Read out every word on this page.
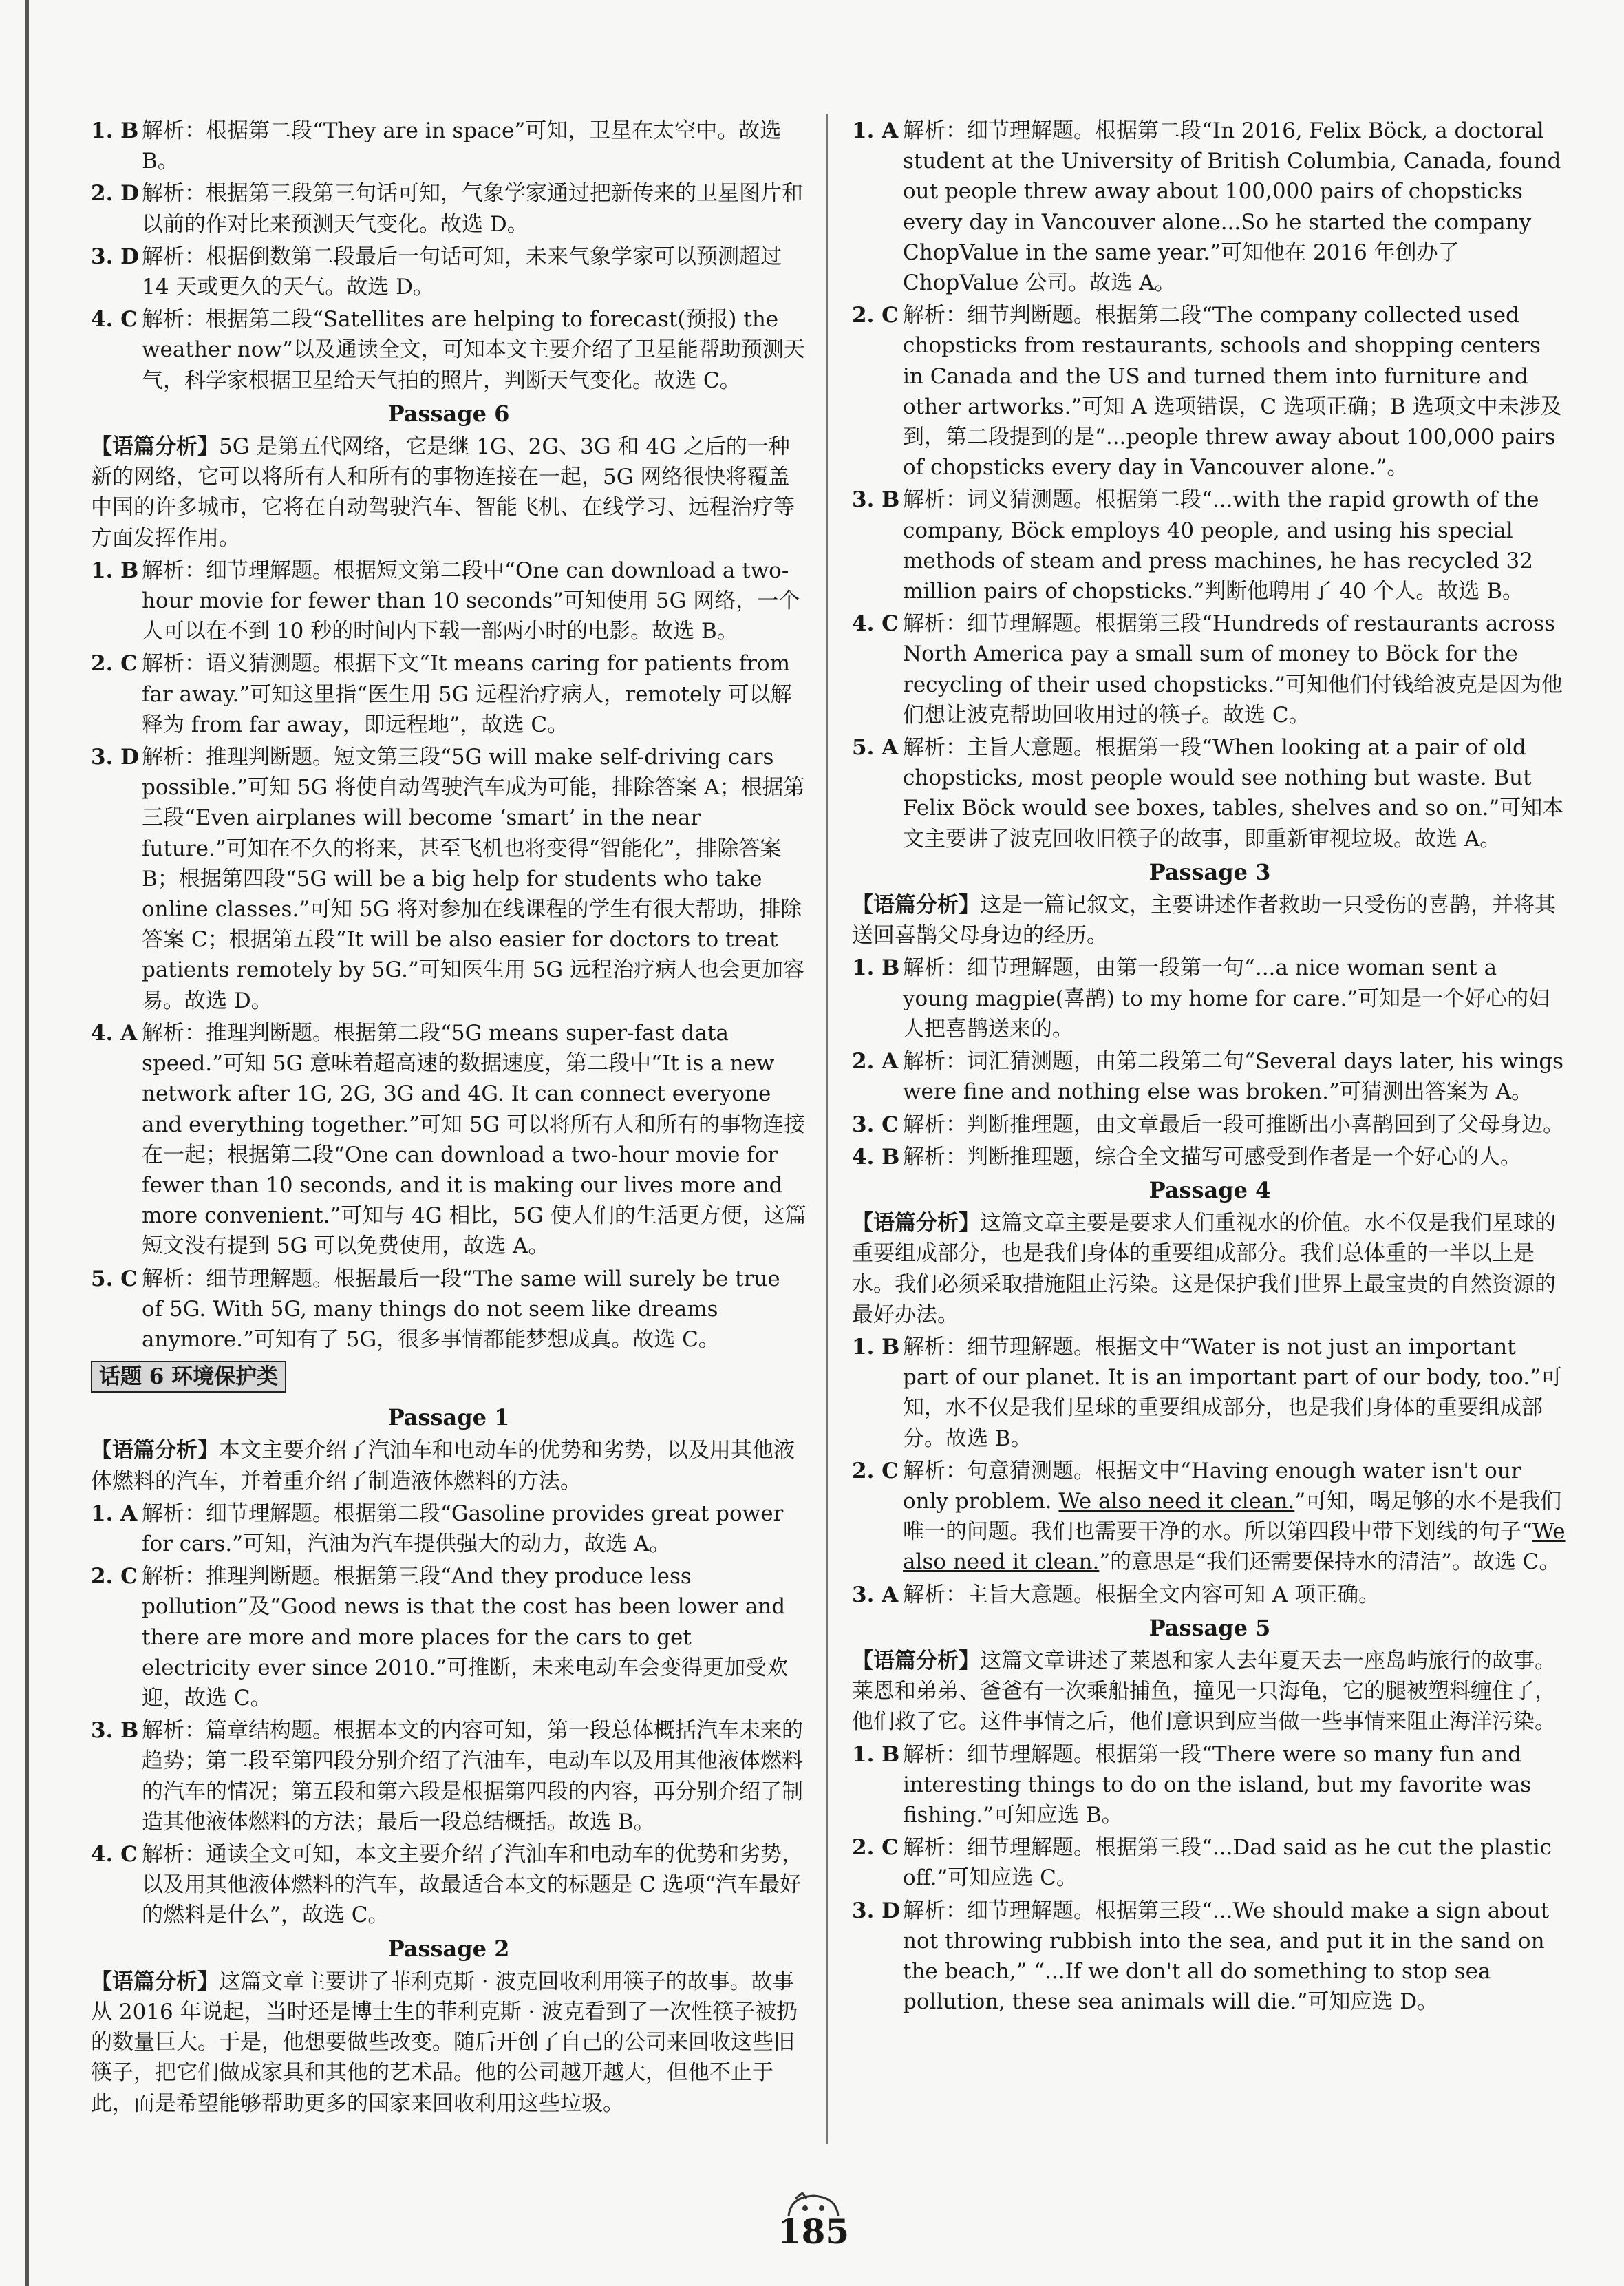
1. B 解析：根据第二段“They are in space”可知，卫星在太空中。故选 B。
2. D 解析：根据第三段第三句话可知，气象学家通过把新传来的卫星图片和以前的作对比来预测天气变化。故选 D。
3. D 解析：根据倒数第二段最后一句话可知，未来气象学家可以预测超过 14 天或更久的天气。故选 D。
4. C 解析：根据第二段“Satellites are helping to forecast(预报) the weather now”以及通读全文，可知本文主要介绍了卫星能帮助预测天气，科学家根据卫星给天气拍的照片，判断天气变化。故选 C。
Passage 6
【语篇分析】5G 是第五代网络，它是继 1G、2G、3G 和 4G 之后的一种新的网络，它可以将所有人和所有的事物连接在一起，5G 网络很快将覆盖中国的许多城市，它将在自动驾驶汽车、智能飞机、在线学习、远程治疗等方面发挥作用。
1. B 解析：细节理解题。根据短文第二段中“One can download a two-hour movie for fewer than 10 seconds”可知使用 5G 网络，一个人可以在不到 10 秒的时间内下载一部两小时的电影。故选 B。
2. C 解析：语义猜测题。根据下文“It means caring for patients from far away.”可知这里指“医生用 5G 远程治疗病人，remotely 可以解释为 from far away，即远程地”，故选 C。
3. D 解析：推理判断题。短文第三段“5G will make self-driving cars possible.”可知 5G 将使自动驾驶汽车成为可能，排除答案 A；根据第三段“Even airplanes will become ‘smart’ in the near future.”可知在不久的将来，甚至飞机也将变得“智能化”，排除答案 B；根据第四段“5G will be a big help for students who take online classes.”可知 5G 将对参加在线课程的学生有很大帮助，排除答案 C；根据第五段“It will be also easier for doctors to treat patients remotely by 5G.”可知医生用 5G 远程治疗病人也会更加容易。故选 D。
4. A 解析：推理判断题。根据第二段“5G means super-fast data speed.”可知 5G 意味着超高速的数据速度，第二段中“It is a new network after 1G, 2G, 3G and 4G. It can connect everyone and everything together.”可知 5G 可以将所有人和所有的事物连接在一起；根据第二段“One can download a two-hour movie for fewer than 10 seconds, and it is making our lives more and more convenient.”可知与 4G 相比，5G 使人们的生活更方便，这篇短文没有提到 5G 可以免费使用，故选 A。
5. C 解析：细节理解题。根据最后一段“The same will surely be true of 5G. With 5G, many things do not seem like dreams anymore.”可知有了 5G，很多事情都能梦想成真。故选 C。
话题 6 环境保护类
Passage 1
【语篇分析】本文主要介绍了汽油车和电动车的优势和劣势，以及用其他液体燃料的汽车，并着重介绍了制造液体燃料的方法。
1. A 解析：细节理解题。根据第二段“Gasoline provides great power for cars.”可知，汽油为汽车提供强大的动力，故选 A。
2. C 解析：推理判断题。根据第三段“And they produce less pollution”及“Good news is that the cost has been lower and there are more and more places for the cars to get electricity ever since 2010.”可推断，未来电动车会变得更加受欢迎，故选 C。
3. B 解析：篇章结构题。根据本文的内容可知，第一段总体概括汽车未来的趋势；第二段至第四段分别介绍了汽油车，电动车以及用其他液体燃料的汽车的情况；第五段和第六段是根据第四段的内容，再分别介绍了制造其他液体燃料的方法；最后一段总结概括。故选 B。
4. C 解析：通读全文可知，本文主要介绍了汽油车和电动车的优势和劣势，以及用其他液体燃料的汽车，故最适合本文的标题是 C 选项“汽车最好的燃料是什么”，故选 C。
Passage 2
【语篇分析】这篇文章主要讲了菲利克斯 · 波克回收利用筷子的故事。故事从 2016 年说起，当时还是博士生的菲利克斯 · 波克看到了一次性筷子被扔的数量巨大。于是，他想要做些改变。随后开创了自己的公司来回收这些旧筷子，把它们做成家具和其他的艺术品。他的公司越开越大，但他不止于此，而是希望能够帮助更多的国家来回收利用这些垃圾。
1. A 解析：细节理解题。根据第二段“In 2016, Felix Böck, a doctoral student at the University of British Columbia, Canada, found out people threw away about 100,000 pairs of chopsticks every day in Vancouver alone...So he started the company ChopValue in the same year.”可知他在 2016 年创办了 ChopValue 公司。故选 A。
2. C 解析：细节判断题。根据第二段“The company collected used chopsticks from restaurants, schools and shopping centers in Canada and the US and turned them into furniture and other artworks.”可知 A 选项错误，C 选项正确；B 选项文中未涉及到，第二段提到的是“...people threw away about 100,000 pairs of chopsticks every day in Vancouver alone.”。
3. B 解析：词义猜测题。根据第二段“...with the rapid growth of the company, Böck employs 40 people, and using his special methods of steam and press machines, he has recycled 32 million pairs of chopsticks.”判断他聘用了 40 个人。故选 B。
4. C 解析：细节理解题。根据第三段“Hundreds of restaurants across North America pay a small sum of money to Böck for the recycling of their used chopsticks.”可知他们付钱给波克是因为他们想让波克帮助回收用过的筷子。故选 C。
5. A 解析：主旨大意题。根据第一段“When looking at a pair of old chopsticks, most people would see nothing but waste. But Felix Böck would see boxes, tables, shelves and so on.”可知本文主要讲了波克回收旧筷子的故事，即重新审视垃圾。故选 A。
Passage 3
【语篇分析】这是一篇记叙文，主要讲述作者救助一只受伤的喜鹊，并将其送回喜鹊父母身边的经历。
1. B 解析：细节理解题，由第一段第一句“...a nice woman sent a young magpie(喜鹊) to my home for care.”可知是一个好心的妇人把喜鹊送来的。
2. A 解析：词汇猜测题，由第二段第二句“Several days later, his wings were fine and nothing else was broken.”可猜测出答案为 A。
3. C 解析：判断推理题，由文章最后一段可推断出小喜鹊回到了父母身边。
4. B 解析：判断推理题，综合全文描写可感受到作者是一个好心的人。
Passage 4
【语篇分析】这篇文章主要是要求人们重视水的价值。水不仅是我们星球的重要组成部分，也是我们身体的重要组成部分。我们总体重的一半以上是水。我们必须采取措施阻止污染。这是保护我们世界上最宝贵的自然资源的最好办法。
1. B 解析：细节理解题。根据文中“Water is not just an important part of our planet. It is an important part of our body, too.”可知，水不仅是我们星球的重要组成部分，也是我们身体的重要组成部分。故选 B。
2. C 解析：句意猜测题。根据文中“Having enough water isn't our only problem. We also need it clean.”可知，喝足够的水不是我们唯一的问题。我们也需要干净的水。所以第四段中带下划线的句子“We also need it clean.”的意思是“我们还需要保持水的清洁”。故选 C。
3. A 解析：主旨大意题。根据全文内容可知 A 项正确。
Passage 5
【语篇分析】这篇文章讲述了莱恩和家人去年夏天去一座岛屿旅行的故事。莱恩和弟弟、爸爸有一次乘船捕鱼，撞见一只海龟，它的腿被塑料缠住了，他们救了它。这件事情之后，他们意识到应当做一些事情来阻止海洋污染。
1. B 解析：细节理解题。根据第一段“There were so many fun and interesting things to do on the island, but my favorite was fishing.”可知应选 B。
2. C 解析：细节理解题。根据第三段“...Dad said as he cut the plastic off.”可知应选 C。
3. D 解析：细节理解题。根据第三段“...We should make a sign about not throwing rubbish into the sea, and put it in the sand on the beach,” “...If we don't all do something to stop sea pollution, these sea animals will die.”可知应选 D。
185
